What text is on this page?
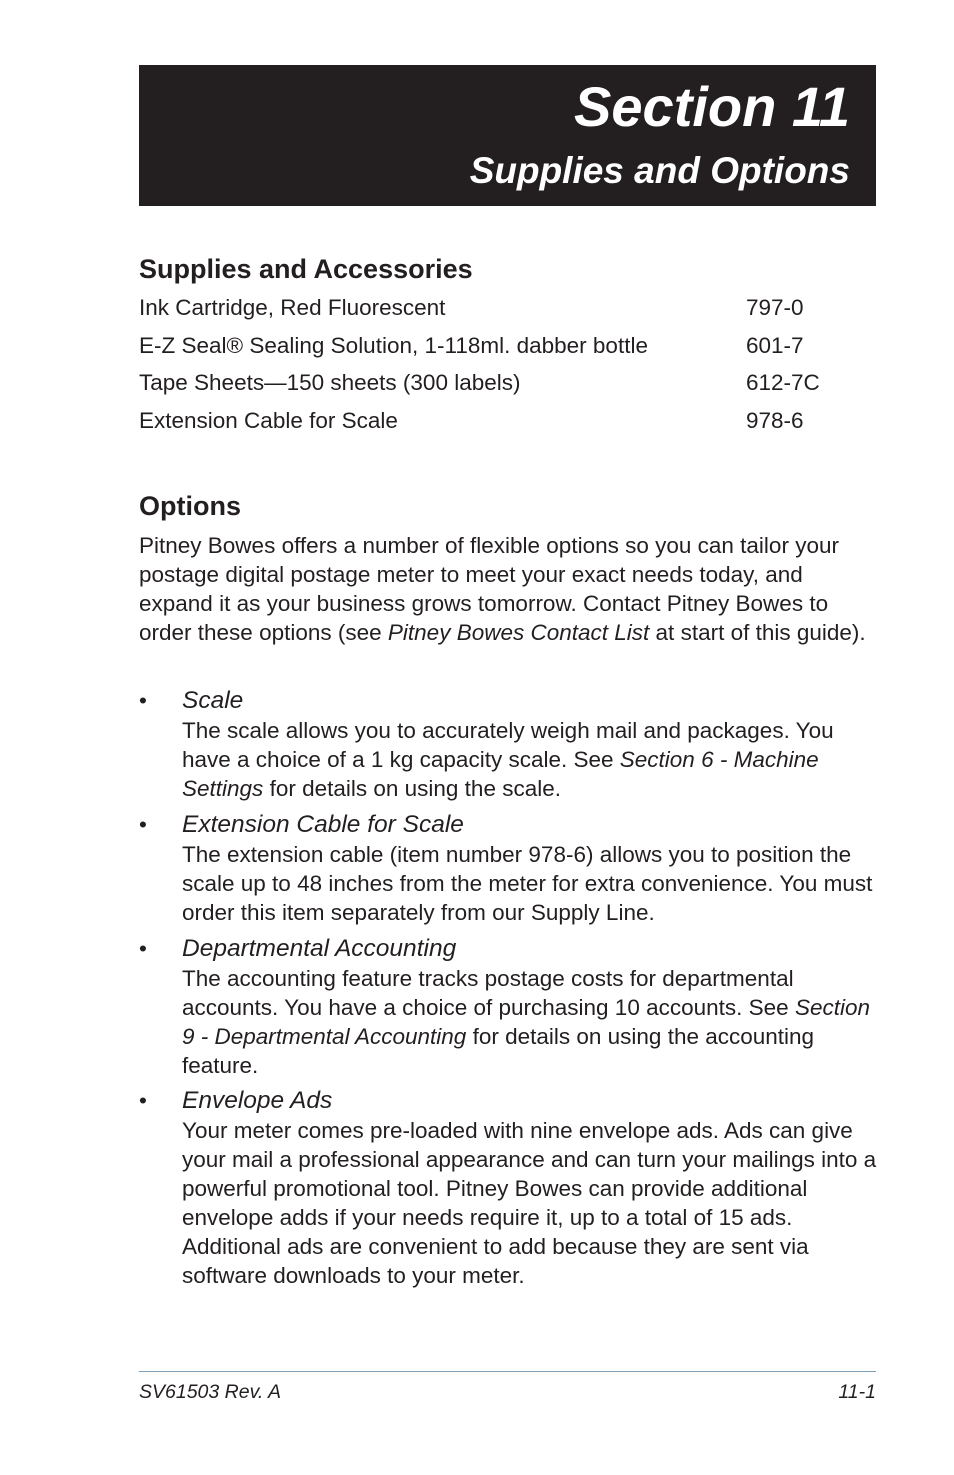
Section 11
Supplies and Options
Supplies and Accessories
Ink Cartridge, Red Fluorescent	797-0
E-Z Seal® Sealing Solution, 1-118ml. dabber bottle	601-7
Tape Sheets—150 sheets (300 labels)	612-7C
Extension Cable for Scale	978-6
Options

Pitney Bowes offers a number of flexible options so you can tailor your postage digital postage meter to meet your exact needs today, and expand it as your business grows tomorrow. Contact Pitney Bowes to order these options (see Pitney Bowes Contact List at start of this guide).

• Scale

The scale allows you to accurately weigh mail and packages. You have a choice of a 1 kg capacity scale. See Section 6 - Machine Settings for details on using the scale.

• Extension Cable for Scale

The extension cable (item number 978-6) allows you to position the scale up to 48 inches from the meter for extra convenience. You must order this item separately from our Supply Line.

• Departmental Accounting

The accounting feature tracks postage costs for departmental accounts. You have a choice of purchasing 10 accounts. See Section 9 - Departmental Accounting for details on using the accounting feature.

• Envelope Ads

Your meter comes pre-loaded with nine envelope ads. Ads can give your mail a professional appearance and can turn your mailings into a powerful promotional tool. Pitney Bowes can provide additional envelope adds if your needs require it, up to a total of 15 ads. Additional ads are convenient to add because they are sent via software downloads to your meter.

SV61503 Rev. A	11-1
